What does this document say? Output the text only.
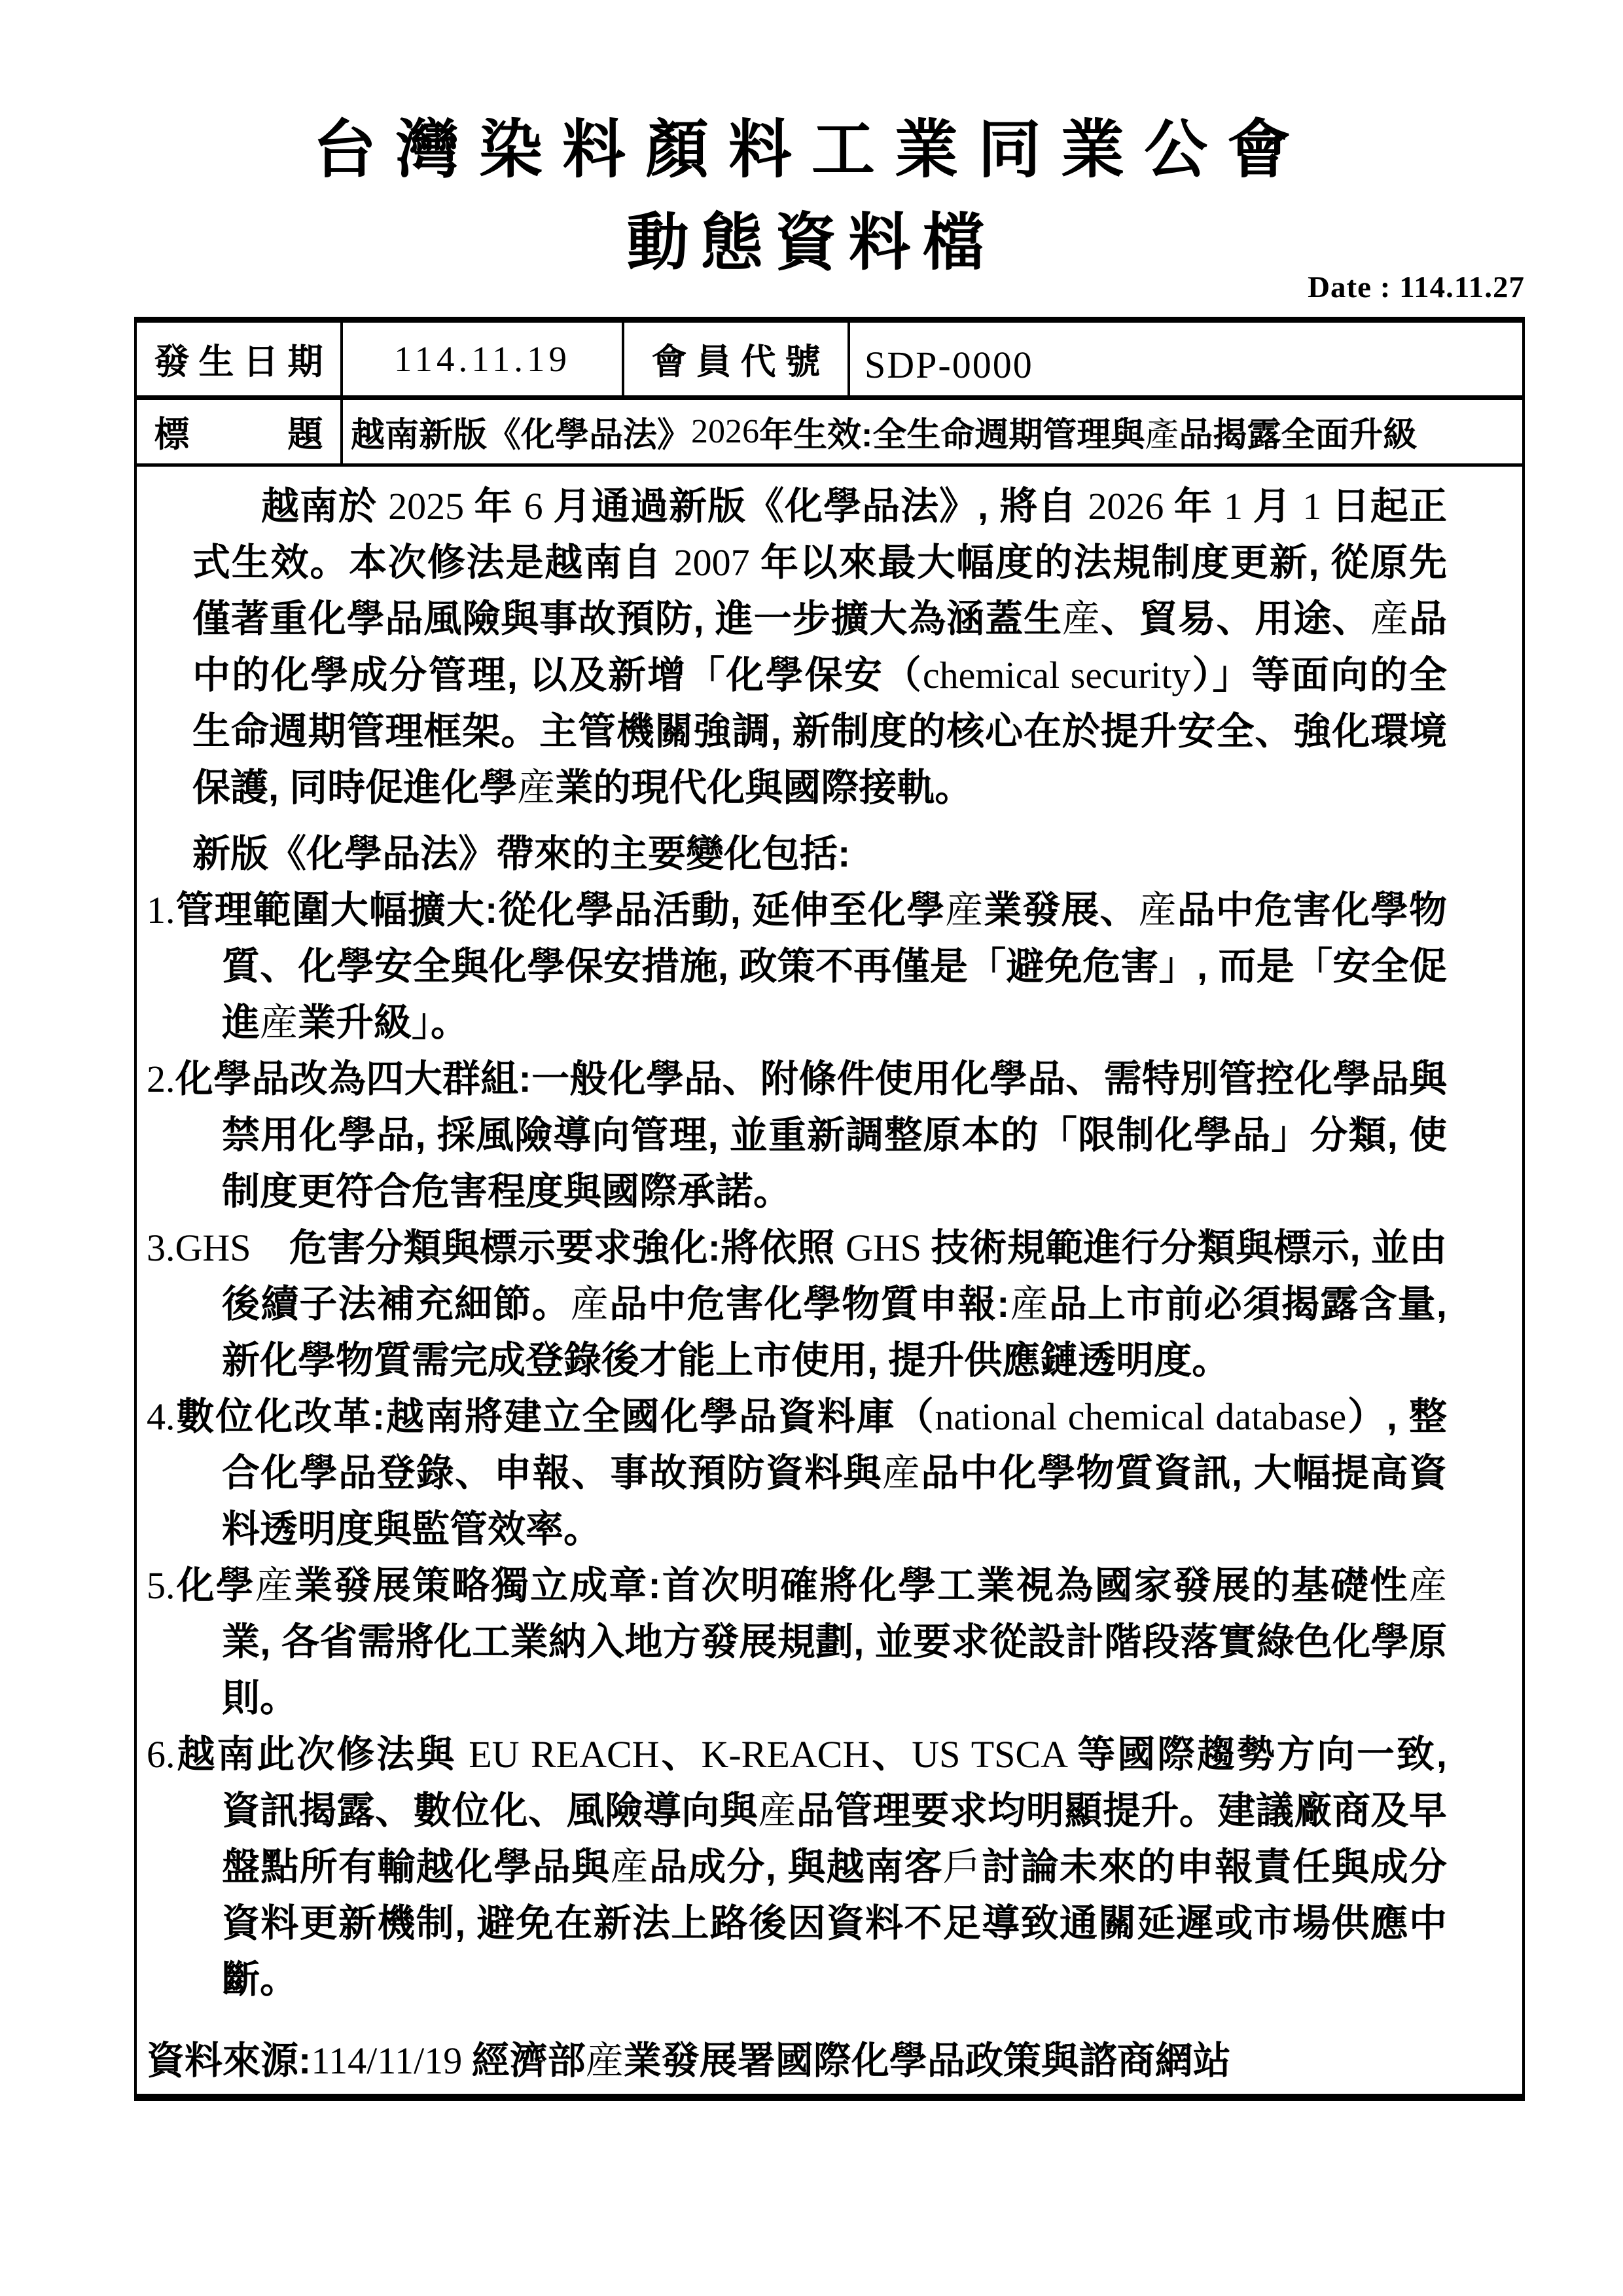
台灣染料顏料工業同業公會
動態資料檔
Date : 114.11.27
發生日期	114.11.19	會員代號 SDP-0000
標　　題 越南新版《化學品法》 2026 年生效:全生命週期管理與 產 品揭露全面升級
越南於 2025 年 6 月通過新版《化學品法》, 將自 2026 年 1 月 1 日起正式生效。本次修法是越南自 2007 年以來最大幅度的法規制度更新, 從原先僅著重化學品風險與事故預防, 進一步擴大為涵蓋生産、貿易、用途、産品中的化學成分管理, 以及新增「化學保安（chemical security）」等面向的全生命週期管理框架。主管機關強調, 新制度的核心在於提升安全、強化環境保護, 同時促進化學産業的現代化與國際接軌。
新版《化學品法》帶來的主要變化包括:
1.管理範圍大幅擴大:從化學品活動, 延伸至化學産業發展、産品中危害化學物質、化學安全與化學保安措施, 政策不再僅是「避免危害」, 而是「安全促進産業升級」。
2.化學品改為四大群組:一般化學品、附條件使用化學品、需特別管控化學品與禁用化學品, 採風險導向管理, 並重新調整原本的「限制化學品」分類, 使制度更符合危害程度與國際承諾。
3.GHS　危害分類與標示要求強化:將依照 GHS 技術規範進行分類與標示, 並由後續子法補充細節。産品中危害化學物質申報:産品上市前必須揭露含量, 新化學物質需完成登錄後才能上市使用, 提升供應鏈透明度。
4.數位化改革:越南將建立全國化學品資料庫（national chemical database）, 整合化學品登錄、申報、事故預防資料與産品中化學物質資訊, 大幅提高資料透明度與監管效率。
5.化學産業發展策略獨立成章:首次明確將化學工業視為國家發展的基礎性産業, 各省需將化工業納入地方發展規劃, 並要求從設計階段落實綠色化學原則。
6.越南此次修法與 EU REACH、K-REACH、US TSCA 等國際趨勢方向一致, 資訊揭露、數位化、風險導向與産品管理要求均明顯提升。建議廠商及早盤點所有輸越化學品與産品成分, 與越南客戶討論未來的申報責任與成分資料更新機制, 避免在新法上路後因資料不足導致通關延遲或市場供應中斷。
資料來源:114/11/19 經濟部産業發展署國際化學品政策與諮商網站
